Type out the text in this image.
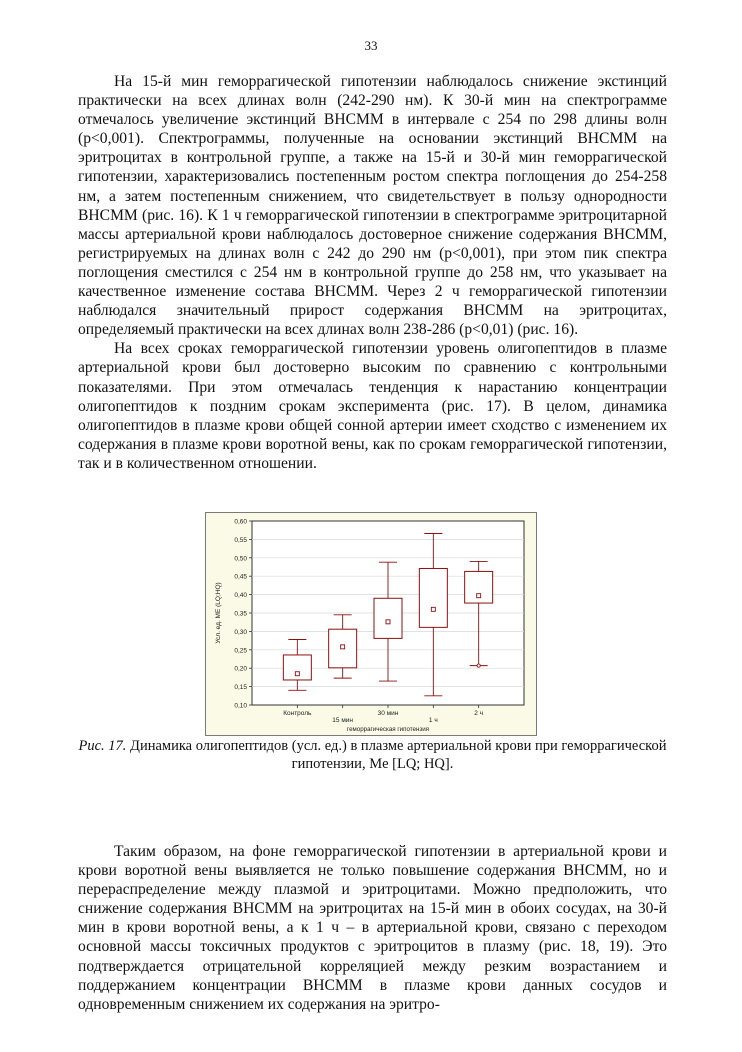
33

На 15-й мин геморрагической гипотензии наблюдалось снижение экстинций практически на всех длинах волн (242-290 нм). К 30-й мин на спектрограмме отмечалось увеличение экстинций ВНСММ в интервале с 254 по 298 длины волн (р<0,001). Спектрограммы, полученные на основании экстинций ВНСММ на эритроцитах в контрольной группе, а также на 15-й и 30-й мин геморрагической гипотензии, характеризовались постепенным ростом спектра поглощения до 254-258 нм, а затем постепенным снижением, что свидетельствует в пользу однородности ВНСММ (рис. 16). К 1 ч геморрагической гипотензии в спектрограмме эритроцитарной массы артериальной крови наблюдалось достоверное снижение содержания ВНСММ, регистрируемых на длинах волн с 242 до 290 нм (р<0,001), при этом пик спектра поглощения сместился с 254 нм в контрольной группе до 258 нм, что указывает на качественное изменение состава ВНСММ. Через 2 ч геморрагической гипотензии наблюдался значительный прирост содержания ВНСММ на эритроцитах, определяемый практически на всех длинах волн 238-286 (р<0,01) (рис. 16).

На всех сроках геморрагической гипотензии уровень олигопептидов в плазме артериальной крови был достоверно высоким по сравнению с контрольными показателями. При этом отмечалась тенденция к нарастанию концентрации олигопептидов к поздним срокам эксперимента (рис. 17). В целом, динамика олигопептидов в плазме крови общей сонной артерии имеет сходство с изменением их содержания в плазме крови воротной вены, как по срокам геморрагической гипотензии, так и в количественном отношении.

0,10
0,15
0,20
0,25
0,30
0,35
0,40
0,45
0,50
0,55
0,60
Усл. ед. ME (LQ;HQ)
Контроль
15 мин
30 мин
1 ч
2 ч
геморрагическая гипотензия
Рис. 17. Динамика олигопептидов (усл. ед.) в плазме артериальной крови при геморрагической гипотензии, Me [LQ; HQ].

Таким образом, на фоне геморрагической гипотензии в артериальной крови и крови воротной вены выявляется не только повышение содержания ВНСММ, но и перераспределение между плазмой и эритроцитами. Можно предположить, что снижение содержания ВНСММ на эритроцитах на 15-й мин в обоих сосудах, на 30-й мин в крови воротной вены, а к 1 ч – в артериальной крови, связано с переходом основной массы токсичных продуктов с эритроцитов в плазму (рис. 18, 19). Это подтверждается отрицательной корреляцией между резким возрастанием и поддержанием концентрации ВНСММ в плазме крови данных сосудов и одновременным снижением их содержания на эритро-
